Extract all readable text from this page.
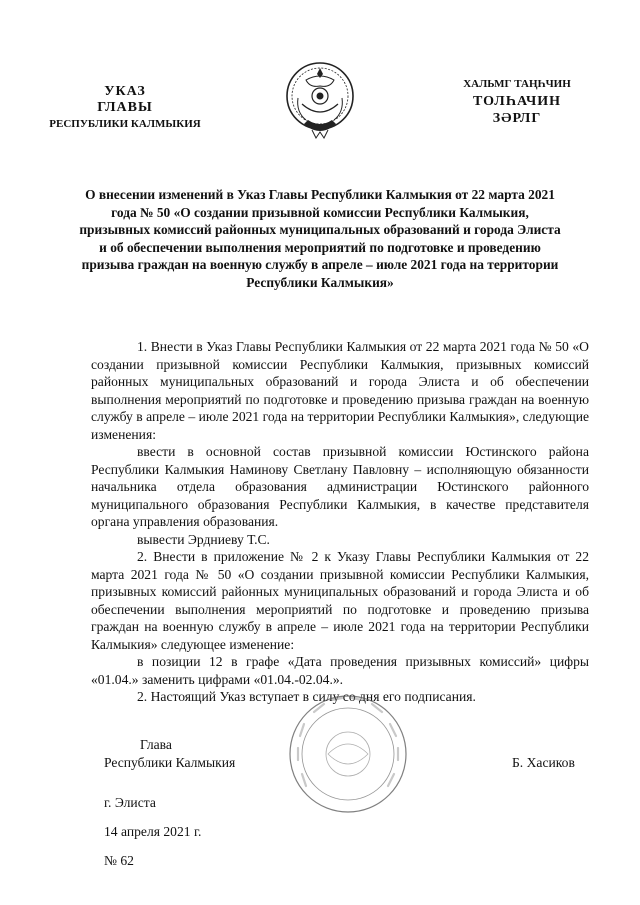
УКАЗ
ГЛАВЫ
РЕСПУБЛИКИ КАЛМЫКИЯ
ХАЛЬМГ ТАҢҺЧИН
ТОЛҺАЧИН
ЗӘРЛГ
О внесении изменений в Указ Главы Республики Калмыкия от 22 марта 2021 года № 50 «О создании призывной комиссии Республики Калмыкия, призывных комиссий районных муниципальных образований и города Элиста и об обеспечении выполнения мероприятий по подготовке и проведению призыва граждан на военную службу в апреле – июле 2021 года на территории Республики Калмыкия»

1. Внести в Указ Главы Республики Калмыкия от 22 марта 2021 года № 50 «О создании призывной комиссии Республики Калмыкия, призывных комиссий районных муниципальных образований и города Элиста и об обеспечении выполнения мероприятий по подготовке и проведению призыва граждан на военную службу в апреле – июле 2021 года на территории Республики Калмыкия», следующие изменения:

ввести в основной состав призывной комиссии Юстинского района Республики Калмыкия Наминову Светлану Павловну – исполняющую обязанности начальника отдела образования администрации Юстинского районного муниципального образования Республики Калмыкия, в качестве представителя органа управления образования.

вывести Эрдниеву Т.С.

2. Внести в приложение № 2 к Указу Главы Республики Калмыкия от 22 марта 2021 года № 50 «О создании призывной комиссии Республики Калмыкия, призывных комиссий районных муниципальных образований и города Элиста и об обеспечении выполнения мероприятий по подготовке и проведению призыва граждан на военную службу в апреле – июле 2021 года на территории Республики Калмыкия» следующее изменение:

в позиции 12 в графе «Дата проведения призывных комиссий» цифры «01.04.» заменить цифрами «01.04.-02.04.».

2. Настоящий Указ вступает в силу со дня его подписания.

Глава
Республики Калмыкия	Б. Хасиков
г. Элиста
14 апреля 2021 г.
№ 62
